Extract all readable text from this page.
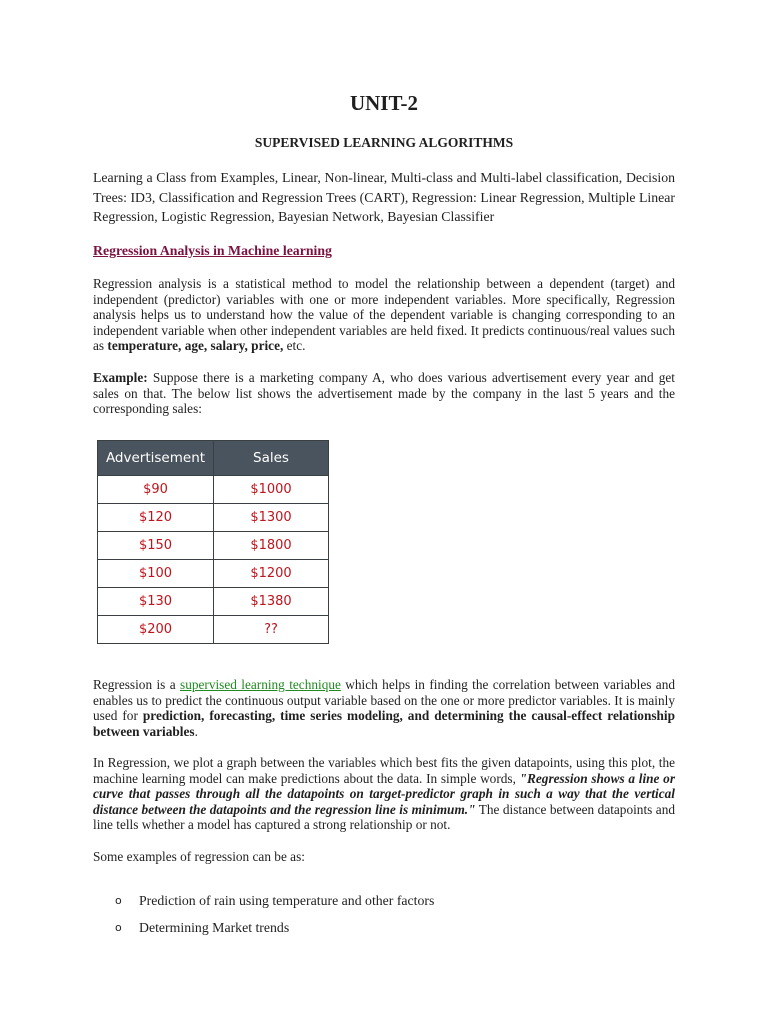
UNIT-2
SUPERVISED LEARNING ALGORITHMS

Learning a Class from Examples, Linear, Non-linear, Multi-class and Multi-label classification, Decision Trees: ID3, Classification and Regression Trees (CART), Regression: Linear Regression, Multiple Linear Regression, Logistic Regression, Bayesian Network, Bayesian Classifier

Regression Analysis in Machine learning

Regression analysis is a statistical method to model the relationship between a dependent (target) and independent (predictor) variables with one or more independent variables. More specifically, Regression analysis helps us to understand how the value of the dependent variable is changing corresponding to an independent variable when other independent variables are held fixed. It predicts continuous/real values such as temperature, age, salary, price, etc.

Example: Suppose there is a marketing company A, who does various advertisement every year and get sales on that. The below list shows the advertisement made by the company in the last 5 years and the corresponding sales:

Advertisement	Sales
$90	$1000
$120	$1300
$150	$1800
$100	$1200
$130	$1380
$200	??

Regression is a supervised learning technique which helps in finding the correlation between variables and enables us to predict the continuous output variable based on the one or more predictor variables. It is mainly used for prediction, forecasting, time series modeling, and determining the causal-effect relationship between variables.

In Regression, we plot a graph between the variables which best fits the given datapoints, using this plot, the machine learning model can make predictions about the data. In simple words, "Regression shows a line or curve that passes through all the datapoints on target-predictor graph in such a way that the vertical distance between the datapoints and the regression line is minimum." The distance between datapoints and line tells whether a model has captured a strong relationship or not.

Some examples of regression can be as:

o	Prediction of rain using temperature and other factors
o	Determining Market trends
